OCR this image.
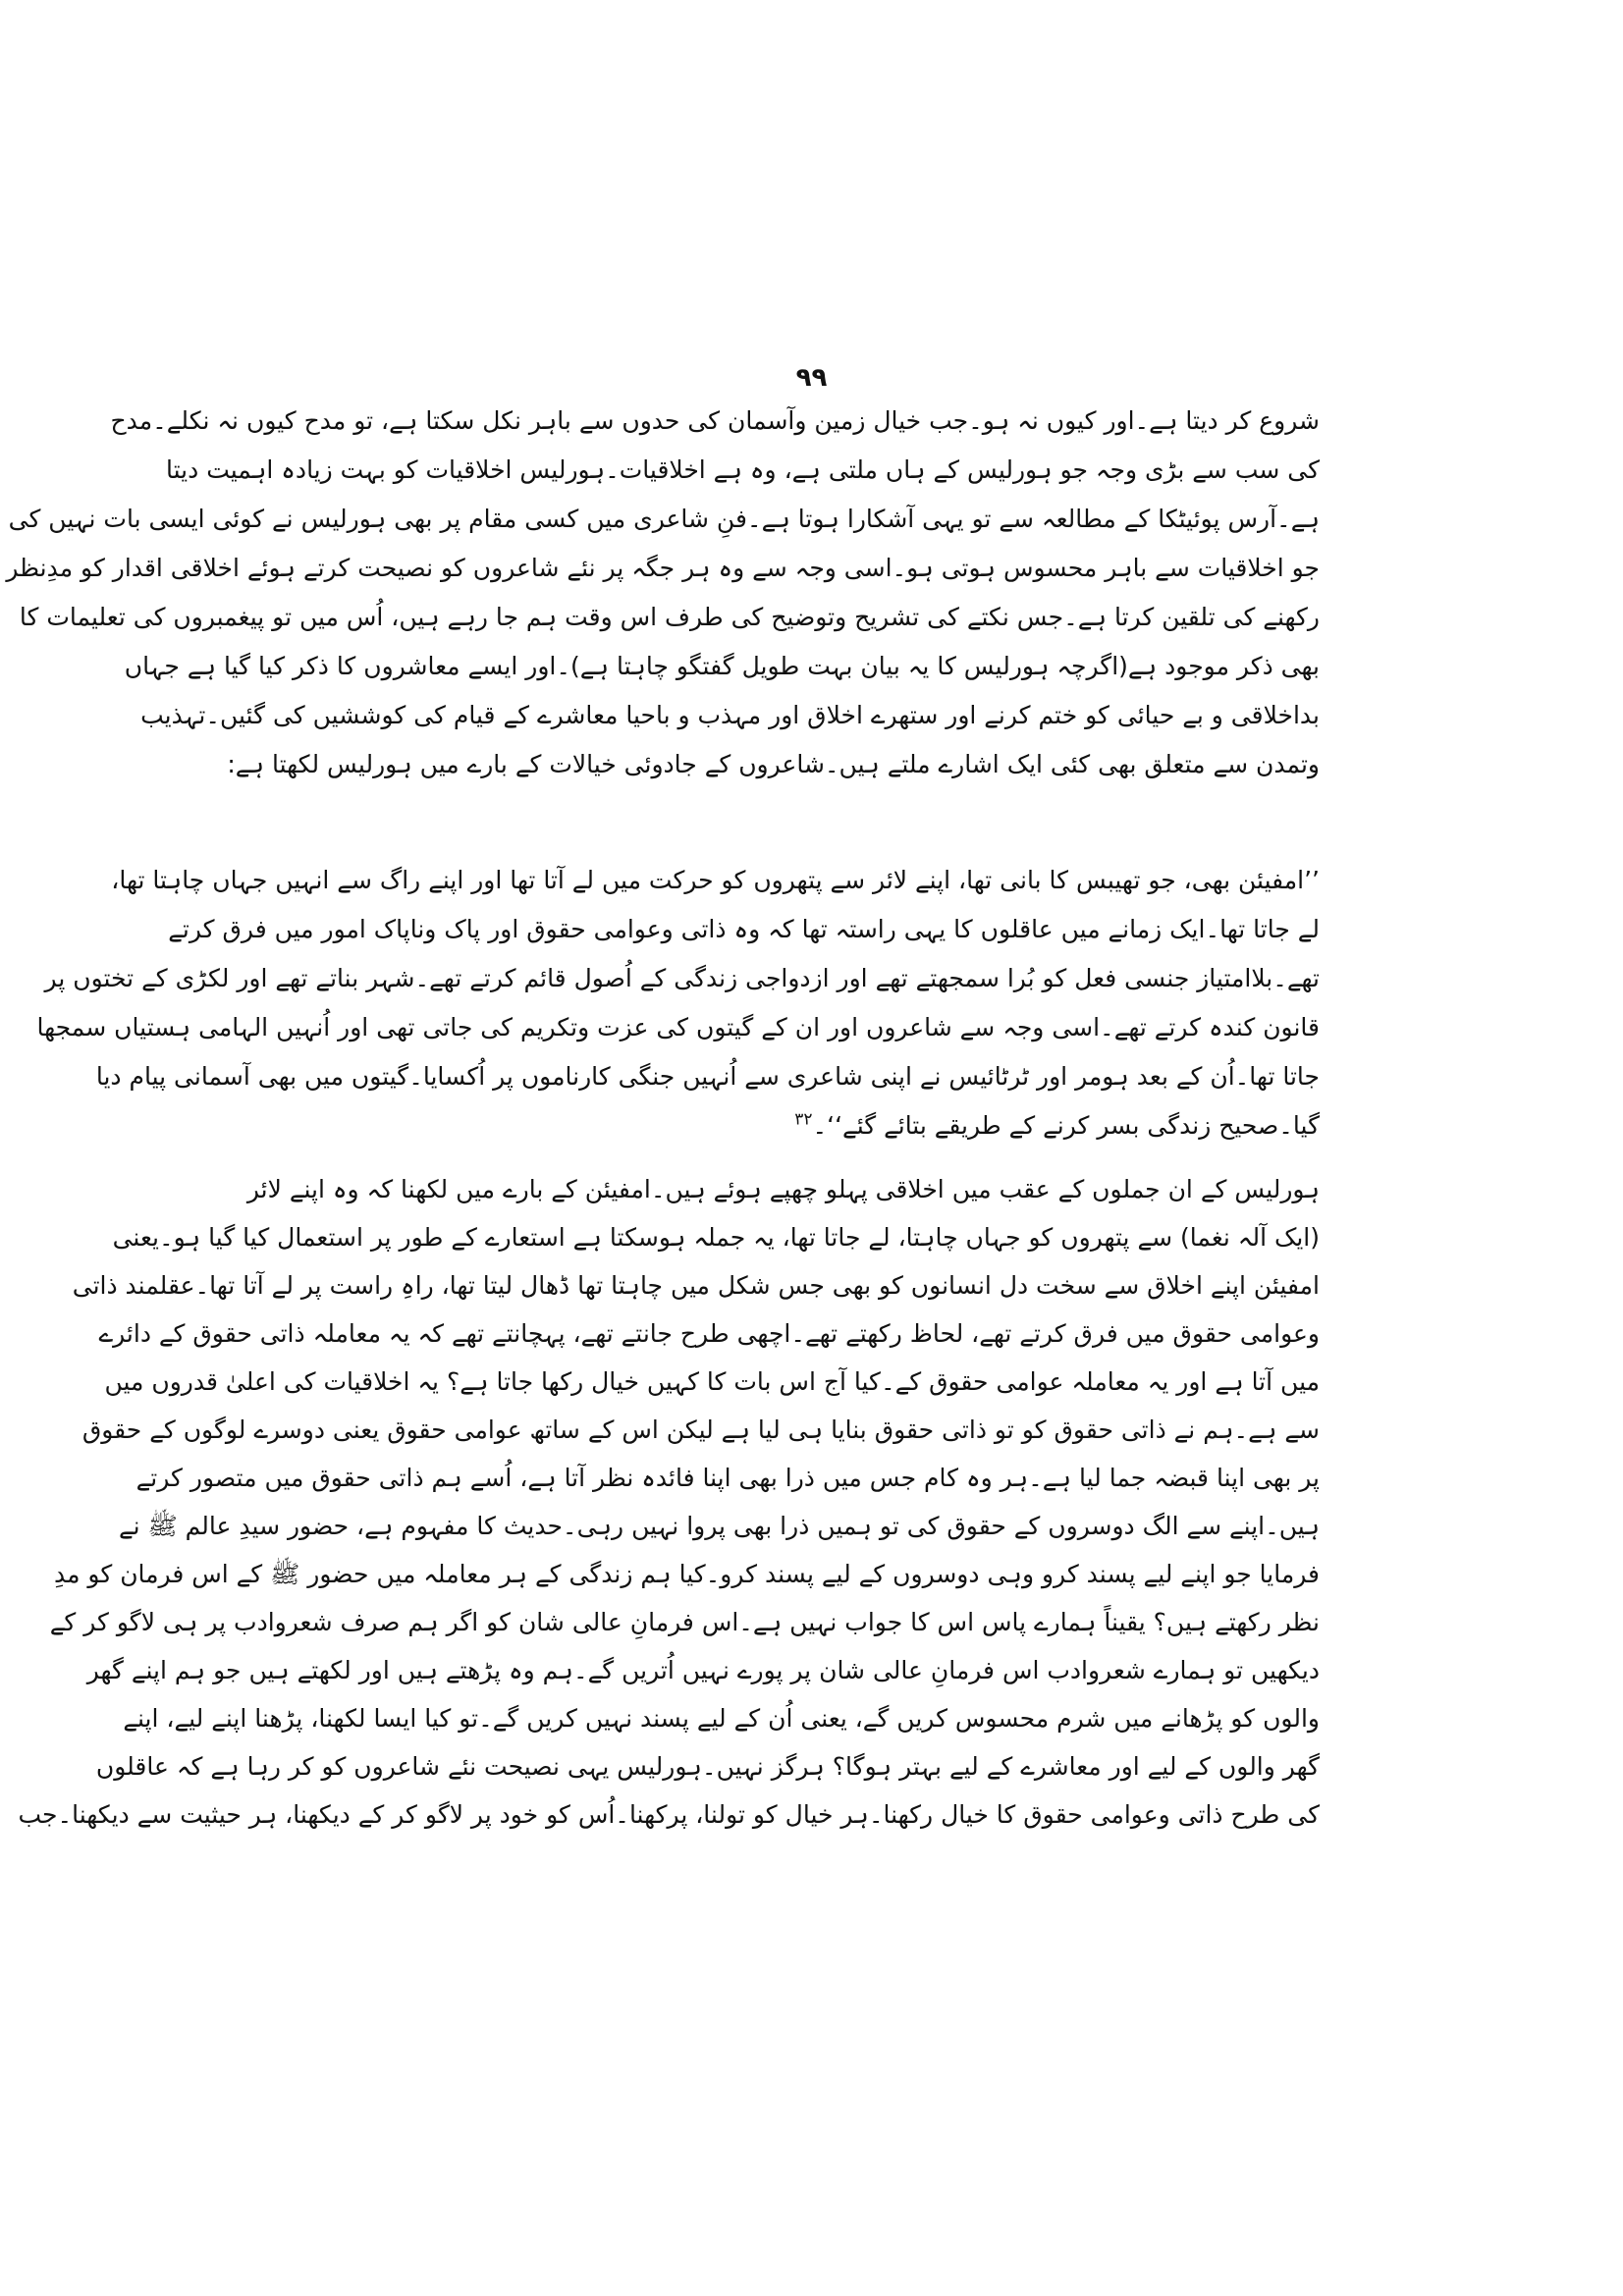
۹۹
شروع کر دیتا ہے۔اور کیوں نہ ہو۔جب خیال زمین وآسمان کی حدوں سے باہر نکل سکتا ہے، تو مدح کیوں نہ نکلے۔مدح
کی سب سے بڑی وجہ جو ہورلیس کے ہاں ملتی ہے، وہ ہے اخلاقیات۔ہورلیس اخلاقیات کو بہت زیادہ اہمیت دیتا
ہے۔آرس پوئیٹکا کے مطالعہ سے تو یہی آشکارا ہوتا ہے۔فنِ شاعری میں کسی مقام پر بھی ہورلیس نے کوئی ایسی بات نہیں کی
جو اخلاقیات سے باہر محسوس ہوتی ہو۔اسی وجہ سے وہ ہر جگہ پر نئے شاعروں کو نصیحت کرتے ہوئے اخلاقی اقدار کو مدِنظر
رکھنے کی تلقین کرتا ہے۔جس نکتے کی تشریح وتوضیح کی طرف اس وقت ہم جا رہے ہیں، اُس میں تو پیغمبروں کی تعلیمات کا
بھی ذکر موجود ہے(اگرچہ ہورلیس کا یہ بیان بہت طویل گفتگو چاہتا ہے)۔اور ایسے معاشروں کا ذکر کیا گیا ہے جہاں
بداخلاقی و بے حیائی کو ختم کرنے اور ستھرے اخلاق اور مہذب و باحیا معاشرے کے قیام کی کوششیں کی گئیں۔تہذیب
وتمدن سے متعلق بھی کئی ایک اشارے ملتے ہیں۔شاعروں کے جادوئی خیالات کے بارے میں ہورلیس لکھتا ہے:
’’امفیئن بھی، جو تھیبس کا بانی تھا، اپنے لائر سے پتھروں کو حرکت میں لے آتا تھا اور اپنے راگ سے انہیں جہاں چاہتا تھا،
لے جاتا تھا۔ایک زمانے میں عاقلوں کا یہی راستہ تھا کہ وہ ذاتی وعوامی حقوق اور پاک وناپاک امور میں فرق کرتے
تھے۔بلاامتیاز جنسی فعل کو بُرا سمجھتے تھے اور ازدواجی زندگی کے اُصول قائم کرتے تھے۔شہر بناتے تھے اور لکڑی کے تختوں پر
قانون کندہ کرتے تھے۔اسی وجہ سے شاعروں اور ان کے گیتوں کی عزت وتکریم کی جاتی تھی اور اُنہیں الہامی ہستیاں سمجھا
جاتا تھا۔اُن کے بعد ہومر اور ٹرٹائیس نے اپنی شاعری سے اُنہیں جنگی کارناموں پر اُکسایا۔گیتوں میں بھی آسمانی پیام دیا
گیا۔صحیح زندگی بسر کرنے کے طریقے بتائے گئے‘‘۔$^{۳۲}$
ہورلیس کے ان جملوں کے عقب میں اخلاقی پہلو چھپے ہوئے ہیں۔امفیئن کے بارے میں لکھنا کہ وہ اپنے لائر
(ایک آلہ نغما) سے پتھروں کو جہاں چاہتا، لے جاتا تھا، یہ جملہ ہوسکتا ہے استعارے کے طور پر استعمال کیا گیا ہو۔یعنی
امفیئن اپنے اخلاق سے سخت دل انسانوں کو بھی جس شکل میں چاہتا تھا ڈھال لیتا تھا، راہِ راست پر لے آتا تھا۔عقلمند ذاتی
وعوامی حقوق میں فرق کرتے تھے، لحاظ رکھتے تھے۔اچھی طرح جانتے تھے، پہچانتے تھے کہ یہ معاملہ ذاتی حقوق کے دائرے
میں آتا ہے اور یہ معاملہ عوامی حقوق کے۔کیا آج اس بات کا کہیں خیال رکھا جاتا ہے؟ یہ اخلاقیات کی اعلیٰ قدروں میں
سے ہے۔ہم نے ذاتی حقوق کو تو ذاتی حقوق بنایا ہی لیا ہے لیکن اس کے ساتھ عوامی حقوق یعنی دوسرے لوگوں کے حقوق
پر بھی اپنا قبضہ جما لیا ہے۔ہر وہ کام جس میں ذرا بھی اپنا فائدہ نظر آتا ہے، اُسے ہم ذاتی حقوق میں متصور کرتے
ہیں۔اپنے سے الگ دوسروں کے حقوق کی تو ہمیں ذرا بھی پروا نہیں رہی۔حدیث کا مفہوم ہے، حضور سیدِ عالم ﷺ نے
فرمایا جو اپنے لیے پسند کرو وہی دوسروں کے لیے پسند کرو۔کیا ہم زندگی کے ہر معاملہ میں حضور ﷺ کے اس فرمان کو مدِ
نظر رکھتے ہیں؟ یقیناً ہمارے پاس اس کا جواب نہیں ہے۔اس فرمانِ عالی شان کو اگر ہم صرف شعروادب پر ہی لاگو کر کے
دیکھیں تو ہمارے شعروادب اس فرمانِ عالی شان پر پورے نہیں اُتریں گے۔ہم وہ پڑھتے ہیں اور لکھتے ہیں جو ہم اپنے گھر
والوں کو پڑھانے میں شرم محسوس کریں گے، یعنی اُن کے لیے پسند نہیں کریں گے۔تو کیا ایسا لکھنا، پڑھنا اپنے لیے، اپنے
گھر والوں کے لیے اور معاشرے کے لیے بہتر ہوگا؟ ہرگز نہیں۔ہورلیس یہی نصیحت نئے شاعروں کو کر رہا ہے کہ عاقلوں
کی طرح ذاتی وعوامی حقوق کا خیال رکھنا۔ہر خیال کو تولنا، پرکھنا۔اُس کو خود پر لاگو کر کے دیکھنا، ہر حیثیت سے دیکھنا۔جب
